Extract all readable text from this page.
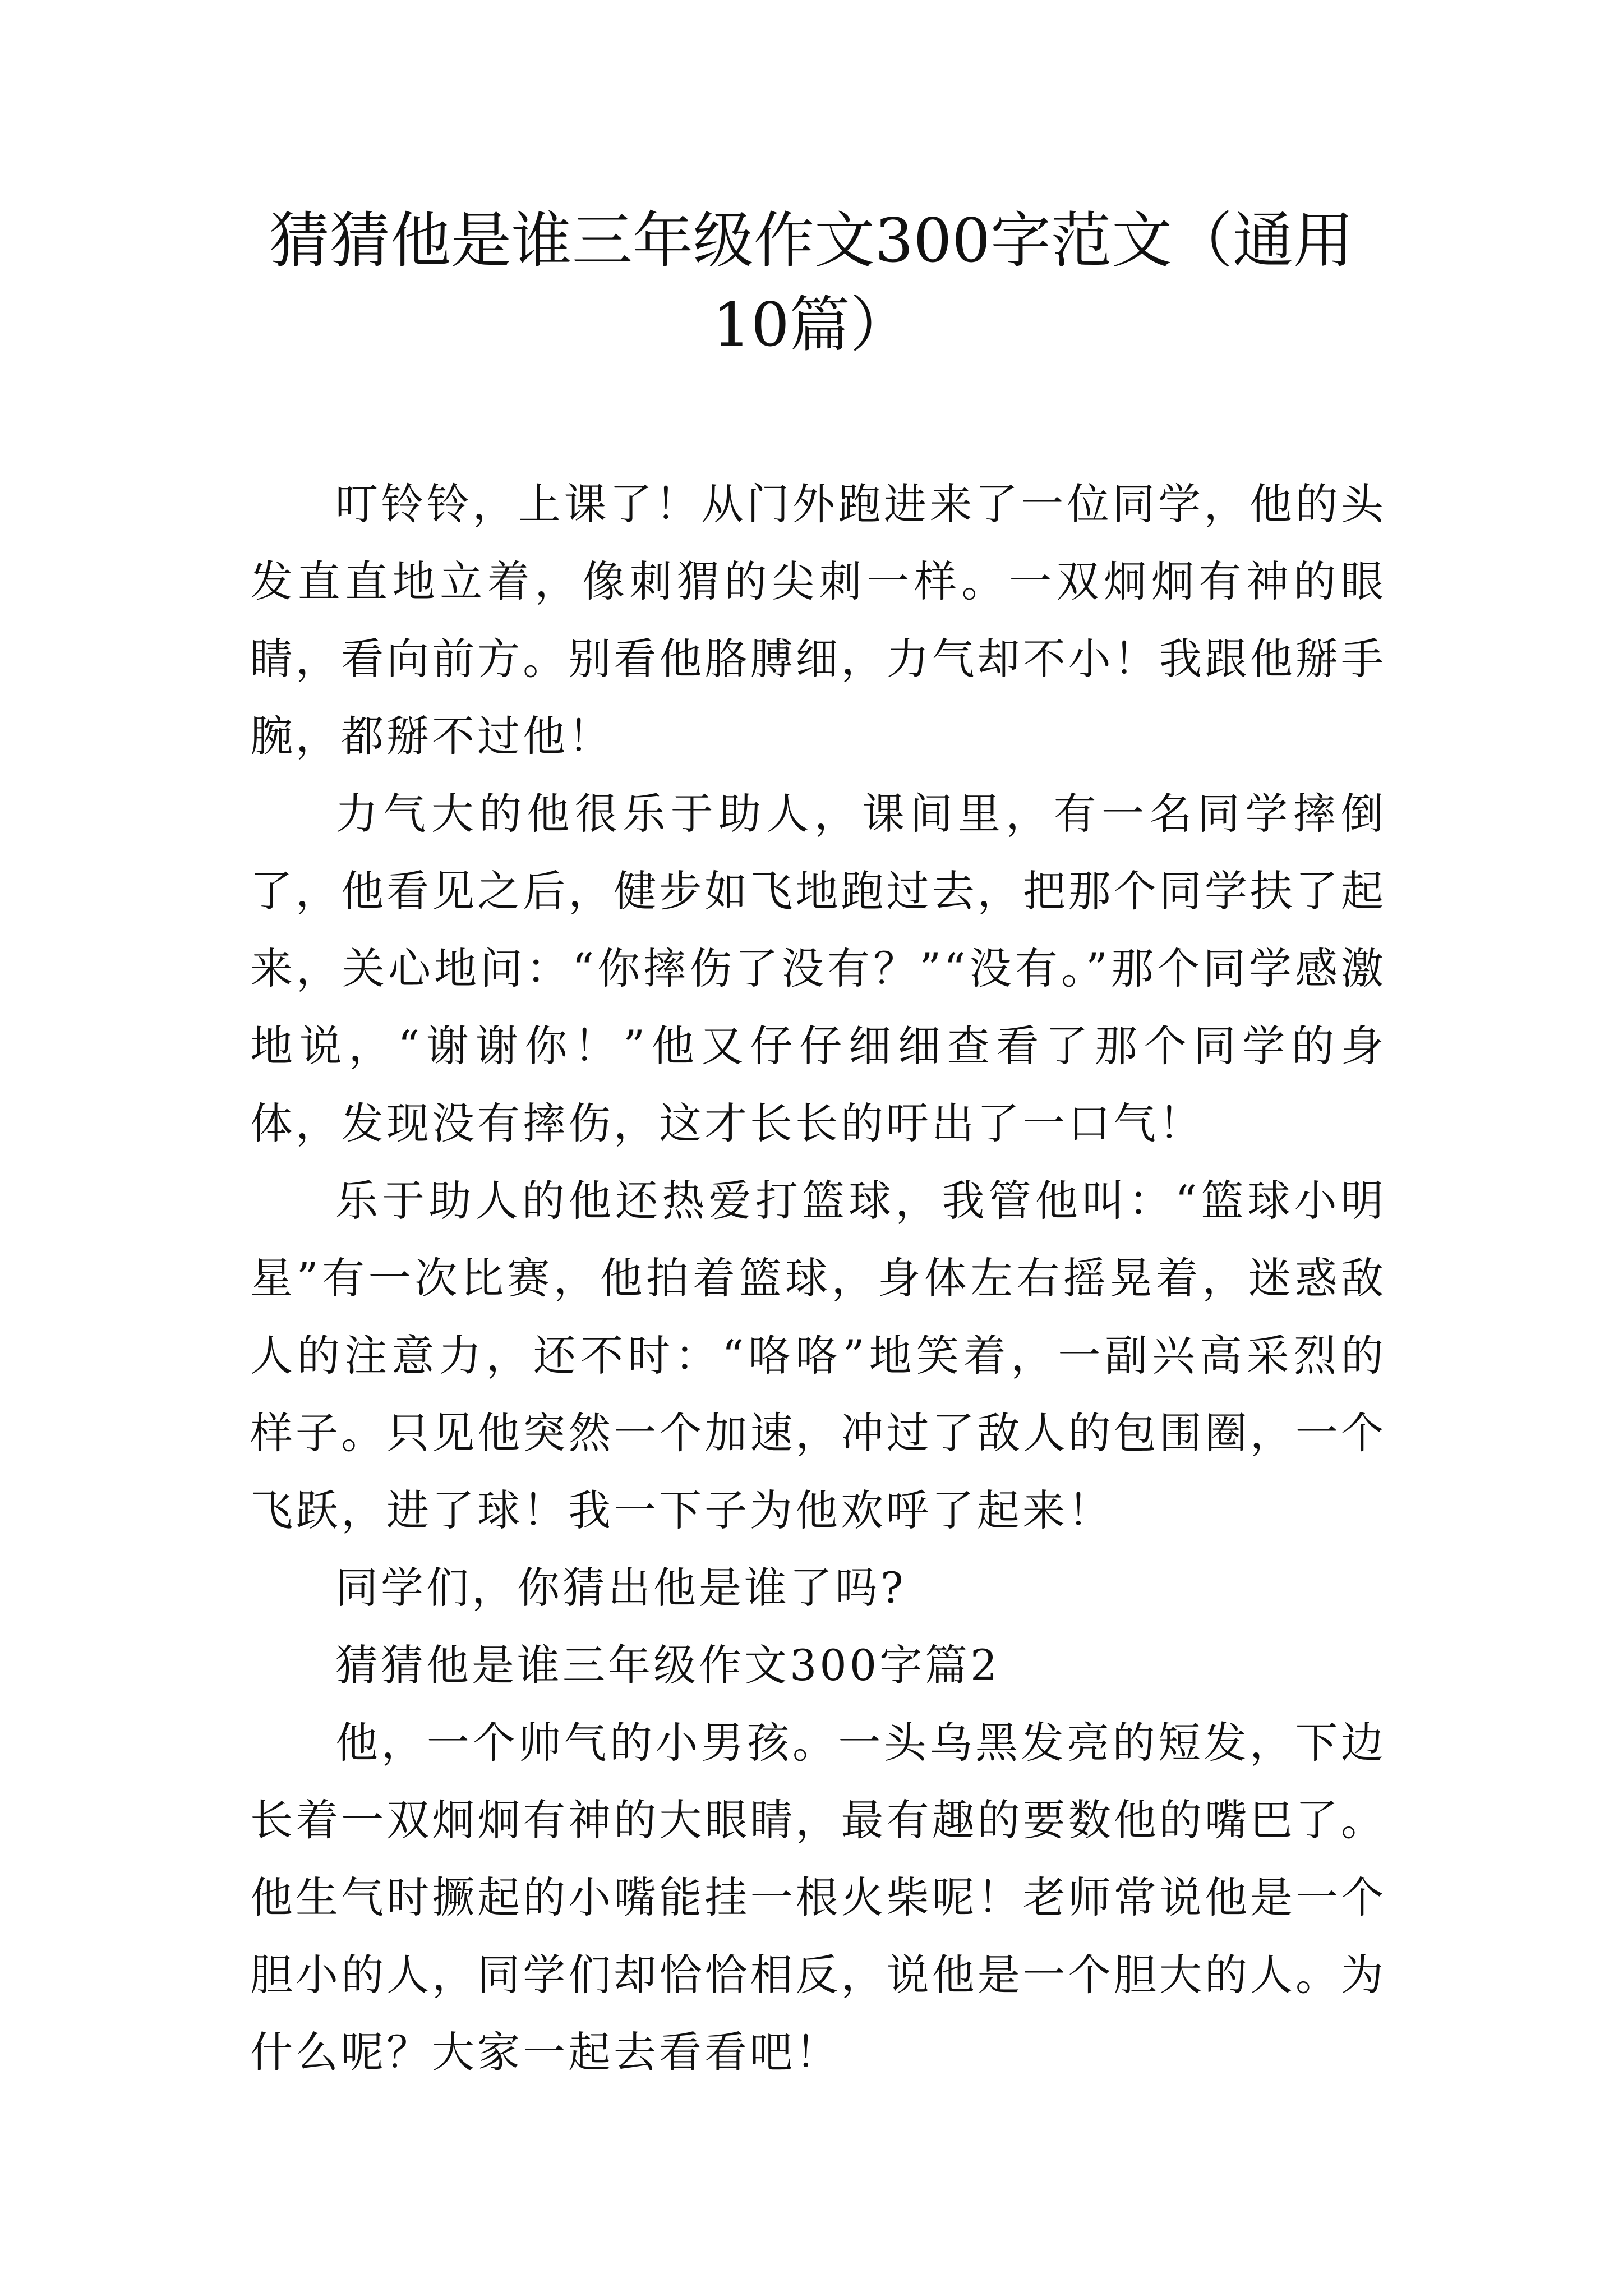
猜猜他是谁三年级作文300字范文（通用10篇）

叮铃铃，上课了！从门外跑进来了一位同学，他的头发直直地立着，像刺猬的尖刺一样。一双炯炯有神的眼睛，看向前方。别看他胳膊细，力气却不小！我跟他掰手腕，都掰不过他！

力气大的他很乐于助人，课间里，有一名同学摔倒了，他看见之后，健步如飞地跑过去，把那个同学扶了起来，关心地问：“你摔伤了没有？”“没有。”那个同学感激地说，“谢谢你！”他又仔仔细细查看了那个同学的身体，发现没有摔伤，这才长长的吁出了一口气！

乐于助人的他还热爱打篮球，我管他叫：“篮球小明星”有一次比赛，他拍着篮球，身体左右摇晃着，迷惑敌人的注意力，还不时：“咯咯”地笑着，一副兴高采烈的样子。只见他突然一个加速，冲过了敌人的包围圈，一个飞跃，进了球！我一下子为他欢呼了起来！

同学们，你猜出他是谁了吗?

猜猜他是谁三年级作文300字篇2

他，一个帅气的小男孩。一头乌黑发亮的短发，下边长着一双炯炯有神的大眼睛，最有趣的要数他的嘴巴了。他生气时撅起的小嘴能挂一根火柴呢！老师常说他是一个胆小的人，同学们却恰恰相反，说他是一个胆大的人。为什么呢？大家一起去看看吧！
